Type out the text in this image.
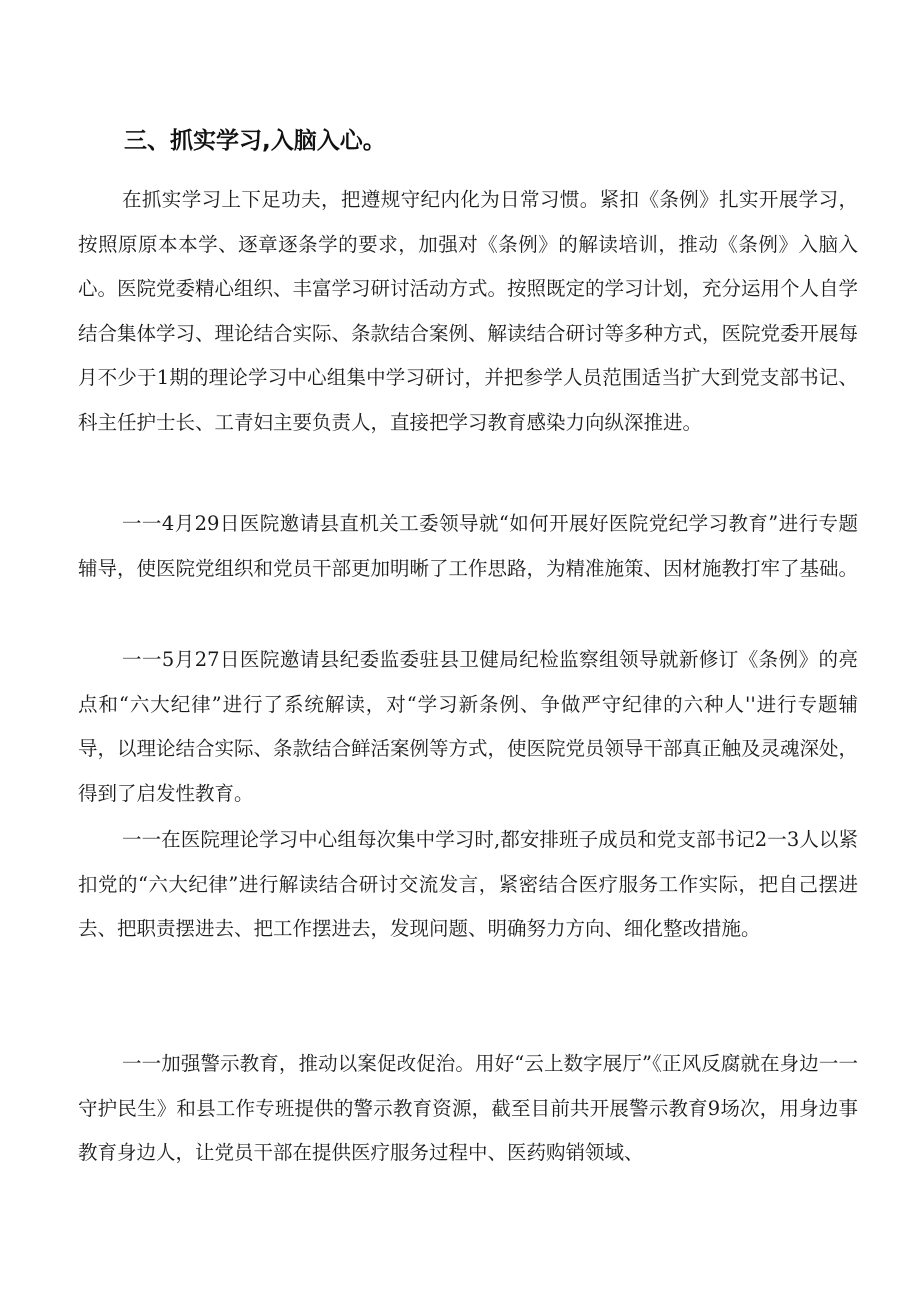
三、抓实学习,入脑入心。

在抓实学习上下足功夫，把遵规守纪内化为日常习惯。紧扣《条例》扎实开展学习，按照原原本本学、逐章逐条学的要求，加强对《条例》的解读培训，推动《条例》入脑入心。医院党委精心组织、丰富学习研讨活动方式。按照既定的学习计划，充分运用个人自学结合集体学习、理论结合实际、条款结合案例、解读结合研讨等多种方式，医院党委开展每月不少于1期的理论学习中心组集中学习研讨，并把参学人员范围适当扩大到党支部书记、科主任护士长、工青妇主要负责人，直接把学习教育感染力向纵深推进。

一一4月29日医院邀请县直机关工委领导就“如何开展好医院党纪学习教育”进行专题辅导，使医院党组织和党员干部更加明晰了工作思路，为精准施策、因材施教打牢了基础。

一一5月27日医院邀请县纪委监委驻县卫健局纪检监察组领导就新修订《条例》的亮点和“六大纪律”进行了系统解读，对“学习新条例、争做严守纪律的六种人''进行专题辅导，以理论结合实际、条款结合鲜活案例等方式，使医院党员领导干部真正触及灵魂深处，得到了启发性教育。

一一在医院理论学习中心组每次集中学习时,都安排班子成员和党支部书记2一3人以紧扣党的“六大纪律”进行解读结合研讨交流发言，紧密结合医疗服务工作实际，把自己摆进去、把职责摆进去、把工作摆进去，发现问题、明确努力方向、细化整改措施。

一一加强警示教育，推动以案促改促治。用好“云上数字展厅”《正风反腐就在身边一一守护民生》和县工作专班提供的警示教育资源，截至目前共开展警示教育9场次，用身边事教育身边人，让党员干部在提供医疗服务过程中、医药购销领域、
